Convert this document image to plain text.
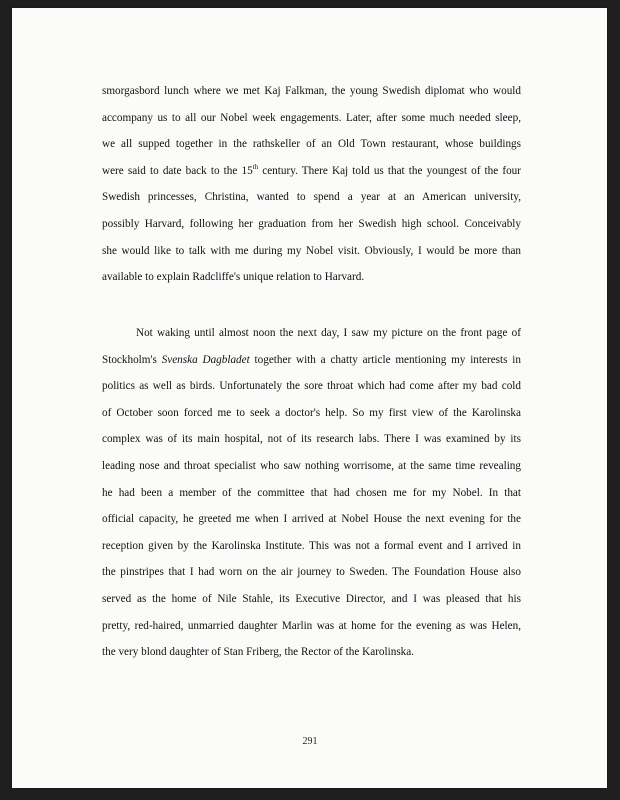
smorgasbord lunch where we met Kaj Falkman, the young Swedish diplomat who would
accompany us to all our Nobel week engagements. Later, after some much needed sleep,
we all supped together in the rathskeller of an Old Town restaurant, whose buildings
were said to date back to the 15th century. There Kaj told us that the youngest of the four
Swedish princesses, Christina, wanted to spend a year at an American university,
possibly Harvard, following her graduation from her Swedish high school. Conceivably
she would like to talk with me during my Nobel visit. Obviously, I would be more than
available to explain Radcliffe's unique relation to Harvard.
Not waking until almost noon the next day, I saw my picture on the front page of
Stockholm's Svenska Dagbladet together with a chatty article mentioning my interests in
politics as well as birds. Unfortunately the sore throat which had come after my bad cold
of October soon forced me to seek a doctor's help. So my first view of the Karolinska
complex was of its main hospital, not of its research labs. There I was examined by its
leading nose and throat specialist who saw nothing worrisome, at the same time revealing
he had been a member of the committee that had chosen me for my Nobel. In that
official capacity, he greeted me when I arrived at Nobel House the next evening for the
reception given by the Karolinska Institute. This was not a formal event and I arrived in
the pinstripes that I had worn on the air journey to Sweden. The Foundation House also
served as the home of Nile Stahle, its Executive Director, and I was pleased that his
pretty, red-haired, unmarried daughter Marlin was at home for the evening as was Helen,
the very blond daughter of Stan Friberg, the Rector of the Karolinska.
291
